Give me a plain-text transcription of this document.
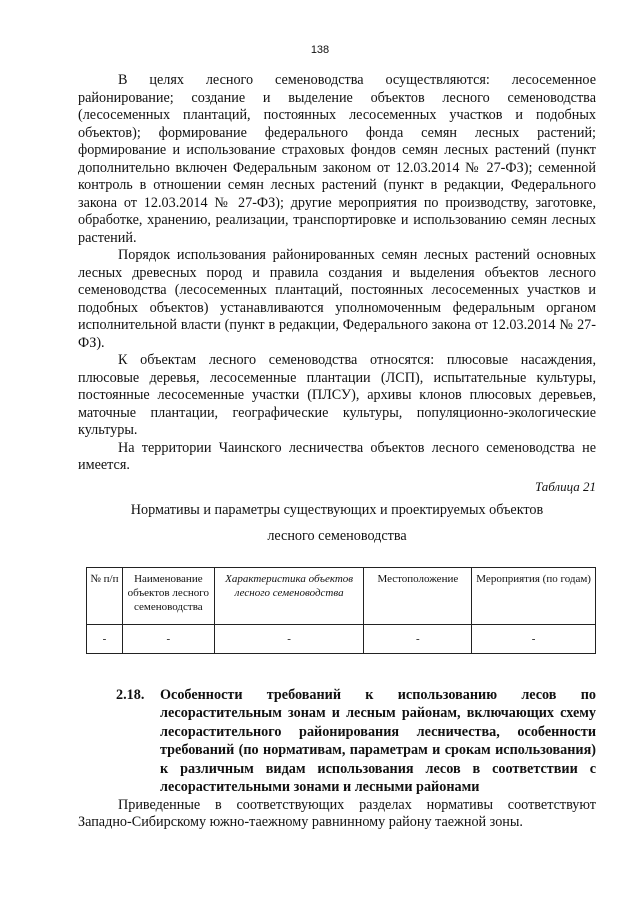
138

В целях лесного семеноводства осуществляются: лесосеменное районирование; создание и выделение объектов лесного семеноводства (лесосеменных плантаций, постоянных лесосеменных участков и подобных объектов); формирование федерального фонда семян лесных растений; формирование и использование страховых фондов семян лесных растений (пункт дополнительно включен Федеральным законом от 12.03.2014 № 27-ФЗ); семенной контроль в отношении семян лесных растений (пункт в редакции, Федерального закона от 12.03.2014 № 27-ФЗ); другие мероприятия по производству, заготовке, обработке, хранению, реализации, транспортировке и использованию семян лесных растений.

Порядок использования районированных семян лесных растений основных лесных древесных пород и правила создания и выделения объектов лесного семеноводства (лесосеменных плантаций, постоянных лесосеменных участков и подобных объектов) устанавливаются уполномоченным федеральным органом исполнительной власти (пункт в редакции, Федерального закона от 12.03.2014 № 27-ФЗ).

К объектам лесного семеноводства относятся: плюсовые насаждения, плюсовые деревья, лесосеменные плантации (ЛСП), испытательные культуры, постоянные лесосеменные участки (ПЛСУ), архивы клонов плюсовых деревьев, маточные плантации, географические культуры, популяционно-экологические культуры.

На территории Чаинского лесничества объектов лесного семеноводства не имеется.

Таблица 21
Нормативы и параметры существующих и проектируемых объектов
лесного семеноводства
№ п/п	Наименование объектов лесного семеноводства	Характеристика объектов лесного семеноводства	Местоположение	Мероприятия (по годам)
-	-	-	-	-
2.18.	Особенности требований к использованию лесов по лесорастительным зонам и лесным районам, включающих схему лесорастительного районирования лесничества, особенности требований (по нормативам, параметрам и срокам использования) к различным видам использования лесов в соответствии с лесорастительными зонами и лесными районами

Приведенные в соответствующих разделах нормативы соответствуют Западно-Сибирскому южно-таежному равнинному району таежной зоны.
